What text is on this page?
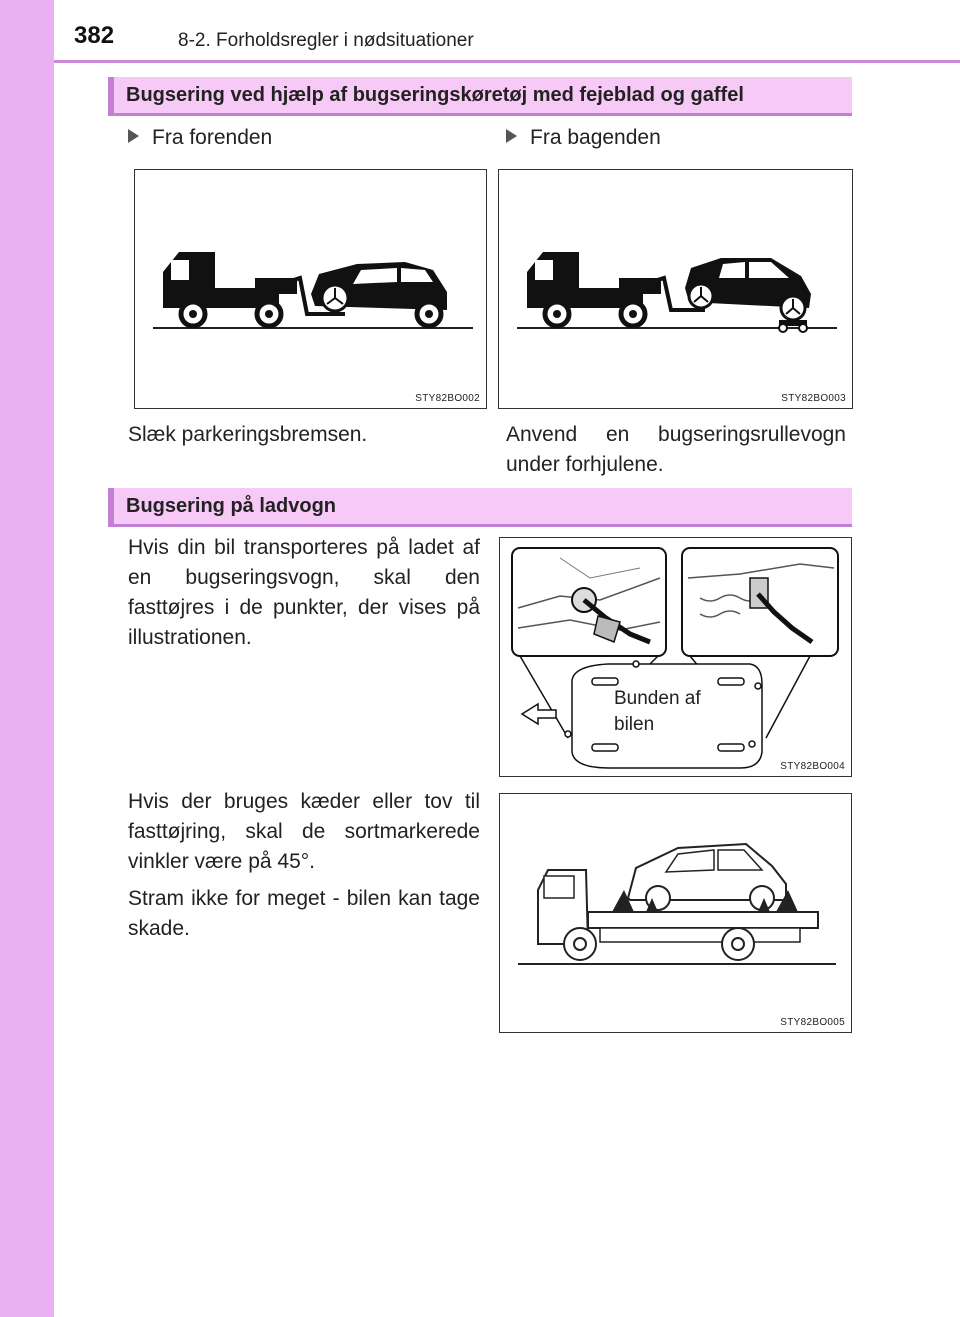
382	8-2. Forholdsregler i nødsituationer
Bugsering ved hjælp af bugseringskøretøj med fejeblad og gaffel
Fra forenden	Fra bagenden
STY82BO002	STY82BO003
Slæk parkeringsbremsen.	Anvend en bugseringsrullevogn
under forhjulene.
Bugsering på ladvogn
Hvis din bil transporteres på ladet af en bugseringsvogn, skal den fasttøjres i de punkter, der vises på illustrationen.
Bunden af
bilen
STY82BO004
Hvis der bruges kæder eller tov til fasttøjring, skal de sortmarkerede vinkler være på 45°.
Stram ikke for meget - bilen kan tage skade.
STY82BO005
